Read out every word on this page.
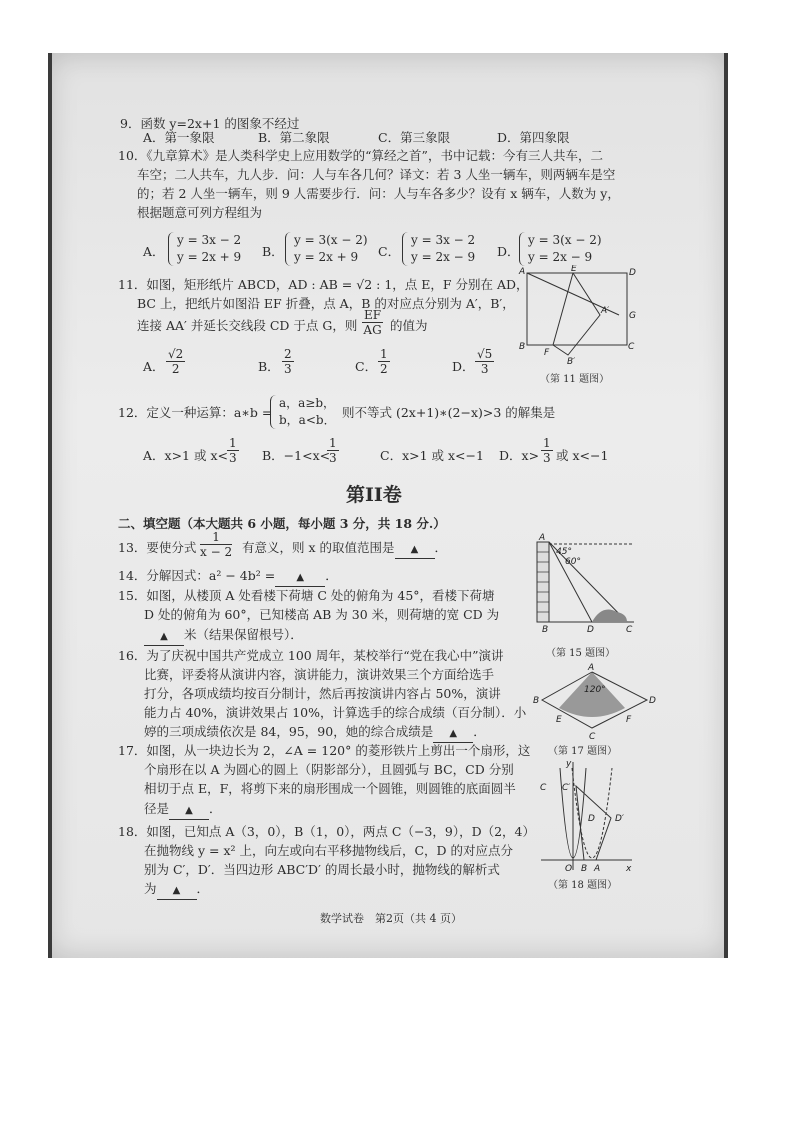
9．函数 y=2x+1 的图象不经过
A．第一象限	B．第二象限	C．第三象限	D．第四象限
10．《九章算术》是人类科学史上应用数学的“算经之首”，书中记载：今有三人共车，二
车空；二人共车，九人步．问：人与车各几何？译文：若 3 人坐一辆车，则两辆车是空
的；若 2 人坐一辆车，则 9 人需要步行．问：人与车各多少？设有 x 辆车，人数为 y，
根据题意可列方程组为
A．
y = 3x − 2
y = 2x + 9 B．
y = 3(x − 2)
y = 2x + 9	C．
y = 3x − 2
y = 2x − 9 D．
y = 3(x − 2)
y = 2x − 9
11．如图，矩形纸片 ABCD，AD : AB = √2 : 1，点 E，F 分别在 AD，
BC 上，把纸片如图沿 EF 折叠，点 A，B 的对应点分别为 A′，B′，
连接 AA′ 并延长交线段 CD 于点 G，则 $\frac{EF}{AG}$ 的值为
A． $\frac{√2}{2}$	B． $\frac{2}{3}$	C． $\frac{1}{2}$	D． $\frac{√5}{3}$
A	E	D
A′ G
B
F
B′
C
（第 11 题图）
12．定义一种运算：a∗b =
a，a≥b，
b，a<b． 则不等式 (2x+1)∗(2−x)>3 的解集是
A．x>1 或 $x< \frac{1}{3}$ B．−1<x<
$\frac{1}{3}$	C．x>1 或 x<−1 D．$x> \frac{1}{3}$ 或 x<−1
第II卷
二、填空题（本大题共 6 小题，每小题 3 分，共 18 分.）
13．要使分式 $\frac{1}{x - 2}$ 有意义，则 x 的取值范围是 ▲ ．
14．分解因式：a² − 4b² = ▲ ．
15．如图，从楼顶 A 处看楼下荷塘 C 处的俯角为 45°，看楼下荷塘
D 处的俯角为 60°，已知楼高 AB 为 30 米，则荷塘的宽 CD 为
▲ 米（结果保留根号）．
A
45°
60°
B	D	C
（第 15 题图）
16．为了庆祝中国共产党成立 100 周年，某校举行“党在我心中”演讲
比赛，评委将从演讲内容，演讲能力，演讲效果三个方面给选手
打分，各项成绩均按百分制计，然后再按演讲内容占 50%，演讲
能力占 40%，演讲效果占 10%，计算选手的综合成绩（百分制）．小
婷的三项成绩依次是 84，95，90，她的综合成绩是 ▲ ．
A
120°
B	D
E	F
C
（第 17 题图）
17．如图，从一块边长为 2，∠A = 120° 的菱形铁片上剪出一个扇形，这
个扇形在以 A 为圆心的圆上（阴影部分），且圆弧与 BC，CD 分别
相切于点 E，F，将剪下来的扇形围成一个圆锥，则圆锥的底面圆半
径是 ▲ ．
18．如图，已知点 A（3，0），B（1，0），两点 C（−3，9），D（2，4）
在抛物线 y = x² 上，向左或向右平移抛物线后，C，D 的对应点分
别为 C′，D′．当四边形 ABC′D′ 的周长最小时，抛物线的解析式
为 ▲ ．
y
x
O B A
C C′
D D′
（第 18 题图）
数学试卷　第2页（共 4 页）
